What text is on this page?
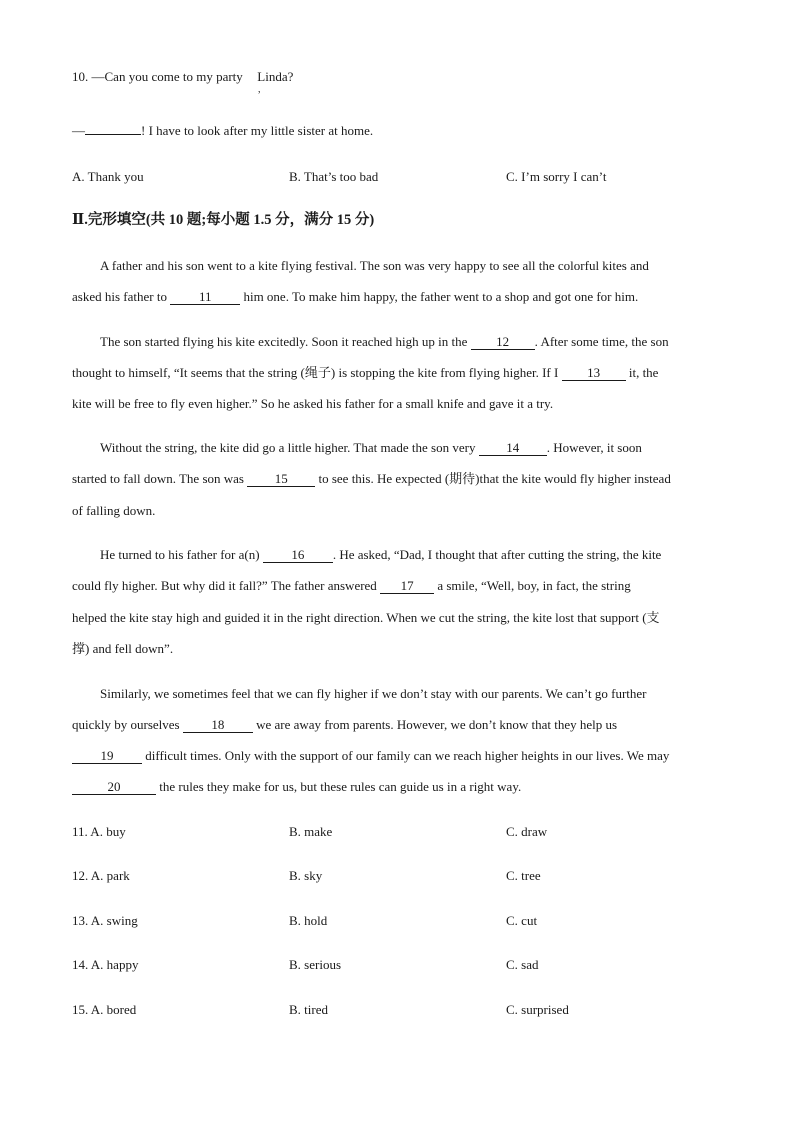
10. —Can you come to my party Linda?
,
—	! I have to look after my little sister at home.
A. Thank you	B. That’s too bad	C. I’m sorry I can’t
Ⅱ.完形填空(共 10 题;每小题 1.5 分，满分 15 分)
A father and his son went to a kite flying festival. The son was very happy to see all the colorful kites and
asked his father to 11 him one. To make him happy, the father went to a shop and got one for him.
The son started flying his kite excitedly. Soon it reached high up in the 12 . After some time, the son
thought to himself, “It seems that the string (绳子) is stopping the kite from flying higher. If I 13 it, the
kite will be free to fly even higher.” So he asked his father for a small knife and gave it a try.
Without the string, the kite did go a little higher. That made the son very 14 . However, it soon
started to fall down. The son was 15 to see this. He expected (期待)that the kite would fly higher instead
of falling down.
He turned to his father for a(n) 16 . He asked, “Dad, I thought that after cutting the string, the kite
could fly higher. But why did it fall?” The father answered 17 a smile, “Well, boy, in fact, the string
helped the kite stay high and guided it in the right direction. When we cut the string, the kite lost that support (支
撑) and fell down”.
Similarly, we sometimes feel that we can fly higher if we don’t stay with our parents. We can’t go further
quickly by ourselves 18 we are away from parents. However, we don’t know that they help us
19 difficult times. Only with the support of our family can we reach higher heights in our lives. We may
20	the rules they make for us, but these rules can guide us in a right way.
11. A. buy	B. make	C. draw
12. A. park	B. sky	C. tree
13. A. swing	B. hold	C. cut
14. A. happy	B. serious	C. sad
15. A. bored	B. tired	C. surprised
